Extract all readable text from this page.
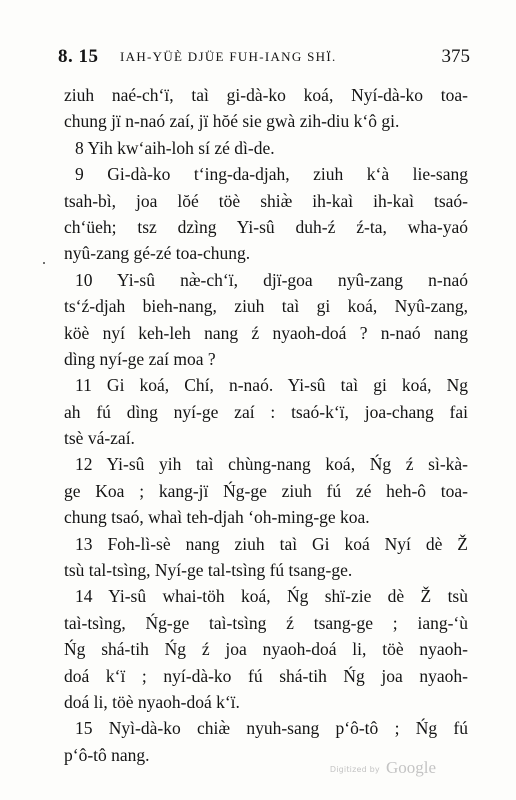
8. 15 IAH-YÜÈ DJÜE FUH-IANG SHÏ.	375
ziuh naé-ch‘ï, taì gi-dà-ko koá, Nyí-dà-ko toa-
chung jï n-naó zaí, jï hŏé sie gwà zih-diu k‘ô gi.
8 Yih kw‘aih-loh sí zé dì-de.
9 Gi-dà-ko t‘ing-da-djah, ziuh k‘à lie-sang
tsah-bì, joa lŏé töè shiæ̀ ih-kaì ih-kaì tsaó-
ch‘üeh; tsz dzìng Yi-sû duh-ź ź-ta, wha-yaó
nyû-zang gé-zé toa-chung.
10 Yi-sû næ̀-ch‘ï, djï-goa nyû-zang n-naó
ts‘ź-djah bieh-nang, ziuh taì gi koá, Nyû-zang,
köè nyí keh-leh nang ź nyaoh-doá ? n-naó nang
dìng nyí-ge zaí moa ?
11 Gi koá, Chí, n-naó. Yi-sû taì gi koá, Ng
ah fú dìng nyí-ge zaí : tsaó-k‘ï, joa-chang fai
tsè vá-zaí.
12 Yi-sû yih taì chùng-nang koá, Ńg ź sì-kà-
ge Koa ; kang-jï Ńg-ge ziuh fú zé heh-ô toa-
chung tsaó, whaì teh-djah ‘oh-ming-ge koa.
13 Foh-lì-sè nang ziuh taì Gi koá Nyí dè Ž
tsù tal-tsìng, Nyí-ge tal-tsìng fú tsang-ge.
14 Yi-sû whai-töh koá, Ńg shï-zie dè Ž tsù
taì-tsìng, Ńg-ge taì-tsìng ź tsang-ge ; iang-‘ù
Ńg shá-tih Ńg ź joa nyaoh-doá li, töè nyaoh-
doá k‘ï ; nyí-dà-ko fú shá-tih Ńg joa nyaoh-
doá li, töè nyaoh-doá k‘ï.
15 Nyì-dà-ko chiæ̀ nyuh-sang p‘ô-tô ; Ńg fú
p‘ô-tô nang.
Digitized by Google
